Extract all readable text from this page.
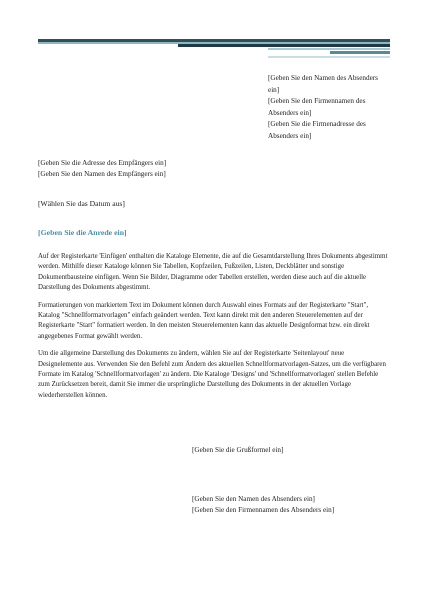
[Geben Sie den Namen des Absenders
ein]
[Geben Sie den Firmennamen des
Absenders ein]
[Geben Sie die Firmenadresse des
Absenders ein]
[Geben Sie die Adresse des Empfängers ein]
[Geben Sie den Namen des Empfängers ein]
[Wählen Sie das Datum aus]
[Geben Sie die Anrede ein]

Auf der Registerkarte 'Einfügen' enthalten die Kataloge Elemente, die auf die Gesamtdarstellung Ihres Dokuments abgestimmt werden. Mithilfe dieser Kataloge können Sie Tabellen, Kopfzeilen, Fußzeilen, Listen, Deckblätter und sonstige Dokumentbausteine einfügen. Wenn Sie Bilder, Diagramme oder Tabellen erstellen, werden diese auch auf die aktuelle Darstellung des Dokuments abgestimmt.

Formatierungen von markiertem Text im Dokument können durch Auswahl eines Formats auf der Registerkarte "Start", Katalog "Schnellformatvorlagen" einfach geändert werden. Text kann direkt mit den anderen Steuerelementen auf der Registerkarte "Start" formatiert werden. In den meisten Steuerelementen kann das aktuelle Designformat bzw. ein direkt angegebenes Format gewählt werden.

Um die allgemeine Darstellung des Dokuments zu ändern, wählen Sie auf der Registerkarte 'Seitenlayout' neue Designelemente aus. Verwenden Sie den Befehl zum Ändern des aktuellen Schnellformatvorlagen-Satzes, um die verfügbaren Formate im Katalog 'Schnellformatvorlagen' zu ändern. Die Kataloge 'Designs' und 'Schnellformatvorlagen' stellen Befehle zum Zurücksetzen bereit, damit Sie immer die ursprüngliche Darstellung des Dokuments in der aktuellen Vorlage wiederherstellen können.

[Geben Sie die Grußformel ein]
[Geben Sie den Namen des Absenders ein]
[Geben Sie den Firmennamen des Absenders ein]
